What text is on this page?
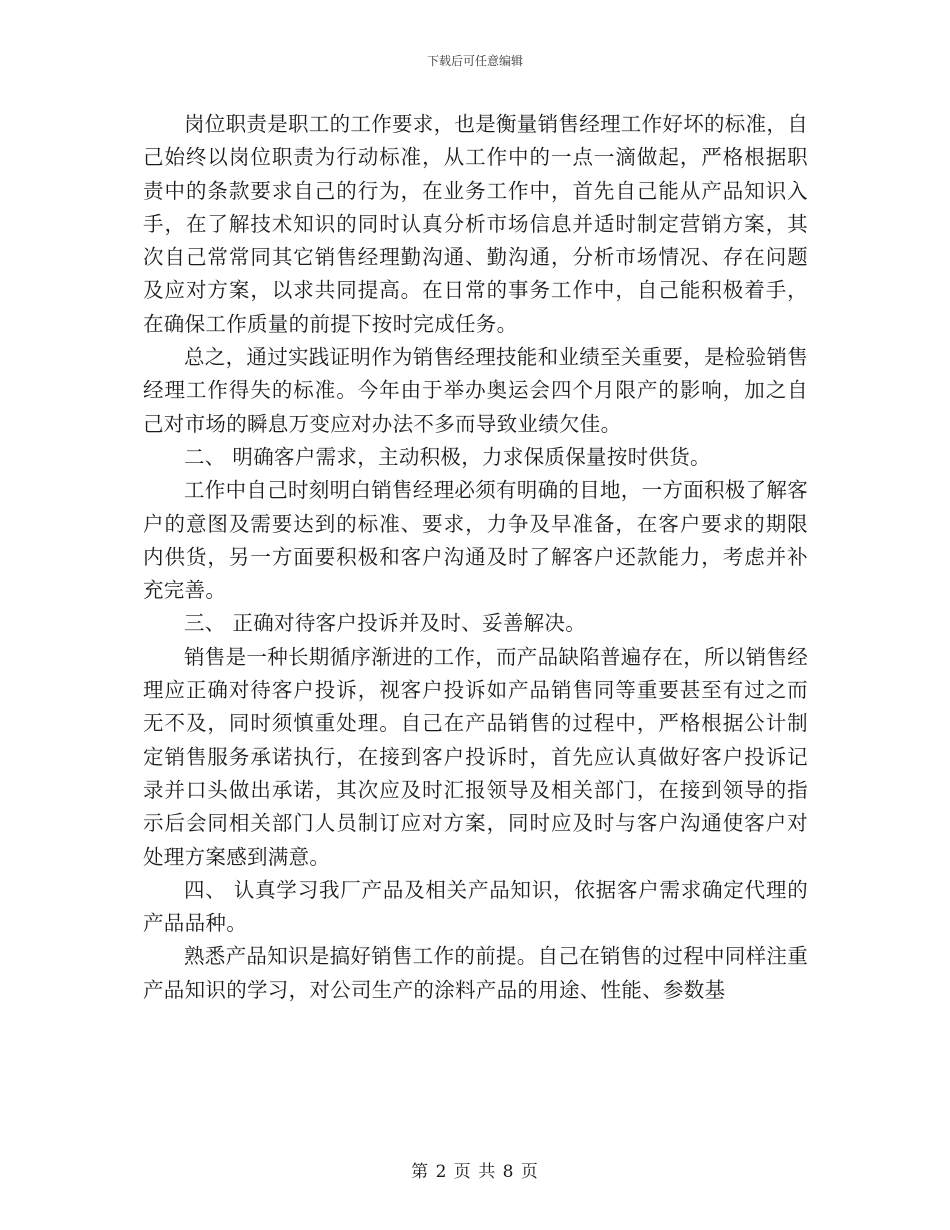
下载后可任意编辑

岗位职责是职工的工作要求，也是衡量销售经理工作好坏的标准，自己始终以岗位职责为行动标准，从工作中的一点一滴做起，严格根据职责中的条款要求自己的行为，在业务工作中，首先自己能从产品知识入手，在了解技术知识的同时认真分析市场信息并适时制定营销方案，其次自己常常同其它销售经理勤沟通、勤沟通，分析市场情况、存在问题及应对方案，以求共同提高。在日常的事务工作中，自己能积极着手，在确保工作质量的前提下按时完成任务。

总之，通过实践证明作为销售经理技能和业绩至关重要，是检验销售经理工作得失的标准。今年由于举办奥运会四个月限产的影响，加之自己对市场的瞬息万变应对办法不多而导致业绩欠佳。

二、 明确客户需求，主动积极，力求保质保量按时供货。

工作中自己时刻明白销售经理必须有明确的目地，一方面积极了解客户的意图及需要达到的标准、要求，力争及早准备，在客户要求的期限内供货，另一方面要积极和客户沟通及时了解客户还款能力，考虑并补充完善。

三、 正确对待客户投诉并及时、妥善解决。

销售是一种长期循序渐进的工作，而产品缺陷普遍存在，所以销售经理应正确对待客户投诉，视客户投诉如产品销售同等重要甚至有过之而无不及，同时须慎重处理。自己在产品销售的过程中，严格根据公计制定销售服务承诺执行，在接到客户投诉时，首先应认真做好客户投诉记录并口头做出承诺，其次应及时汇报领导及相关部门，在接到领导的指示后会同相关部门人员制订应对方案，同时应及时与客户沟通使客户对处理方案感到满意。

四、 认真学习我厂产品及相关产品知识，依据客户需求确定代理的产品品种。

熟悉产品知识是搞好销售工作的前提。自己在销售的过程中同样注重产品知识的学习，对公司生产的涂料产品的用途、性能、参数基

第 2 页 共 8 页
